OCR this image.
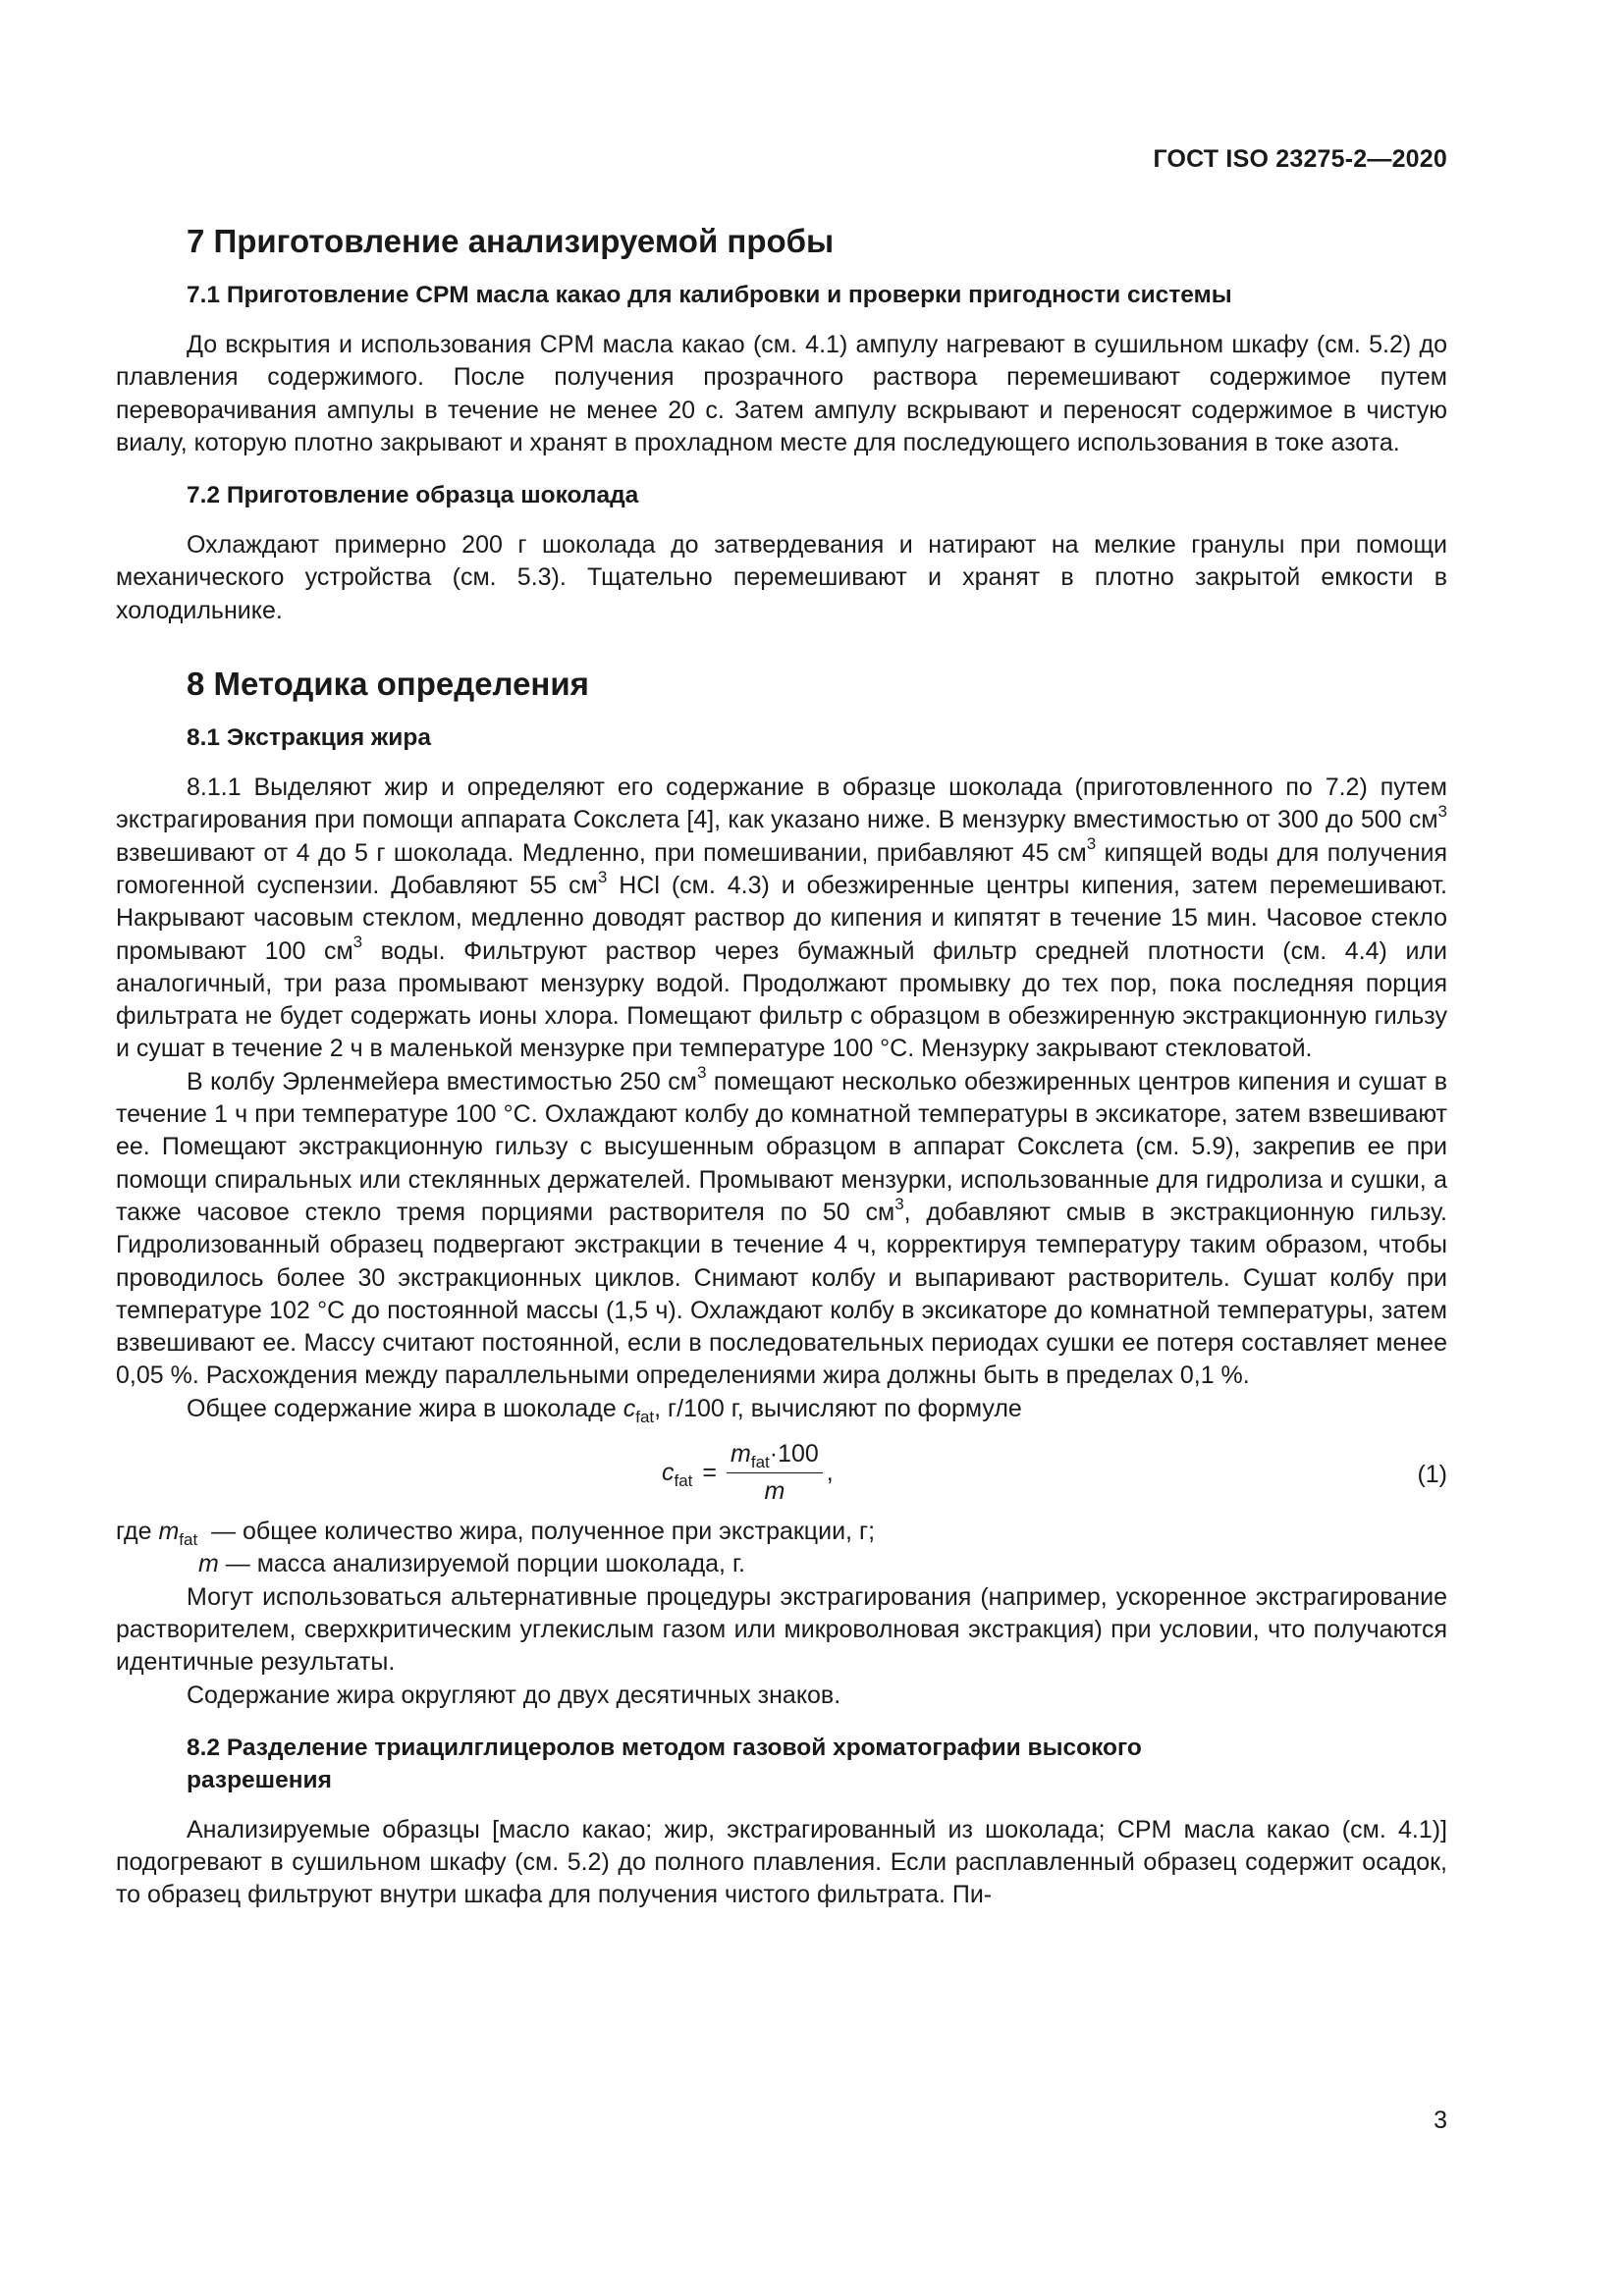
ГОСТ ISO 23275-2—2020
7 Приготовление анализируемой пробы
7.1 Приготовление CPM масла какао для калибровки и проверки пригодности системы

До вскрытия и использования CPM масла какао (см. 4.1) ампулу нагревают в сушильном шкафу (см. 5.2) до плавления содержимого. После получения прозрачного раствора перемешивают содержимое путем переворачивания ампулы в течение не менее 20 с. Затем ампулу вскрывают и переносят содержимое в чистую виалу, которую плотно закрывают и хранят в прохладном месте для последующего использования в токе азота.

7.2 Приготовление образца шоколада

Охлаждают примерно 200 г шоколада до затвердевания и натирают на мелкие гранулы при помощи механического устройства (см. 5.3). Тщательно перемешивают и хранят в плотно закрытой емкости в холодильнике.

8 Методика определения
8.1 Экстракция жира

8.1.1 Выделяют жир и определяют его содержание в образце шоколада (приготовленного по 7.2) путем экстрагирования при помощи аппарата Сокслета [4], как указано ниже. В мензурку вместимостью от 300 до 500 $см^3$ взвешивают от 4 до 5 г шоколада. Медленно, при помешивании, прибавляют 45 $см^3$ кипящей воды для получения гомогенной суспензии. Добавляют 55 $см^3$ HCl (см. 4.3) и обезжиренные центры кипения, затем перемешивают. Накрывают часовым стеклом, медленно доводят раствор до кипения и кипятят в течение 15 мин. Часовое стекло промывают 100 $см^3$ воды. Фильтруют раствор через бумажный фильтр средней плотности (см. 4.4) или аналогичный, три раза промывают мензурку водой. Продолжают промывку до тех пор, пока последняя порция фильтрата не будет содержать ионы хлора. Помещают фильтр с образцом в обезжиренную экстракционную гильзу и сушат в течение 2 ч в маленькой мензурке при температуре 100 °С. Мензурку закрывают стекловатой.

В колбу Эрленмейера вместимостью 250 $см^3$ помещают несколько обезжиренных центров кипения и сушат в течение 1 ч при температуре 100 °С. Охлаждают колбу до комнатной температуры в эксикаторе, затем взвешивают ее. Помещают экстракционную гильзу с высушенным образцом в аппарат Сокслета (см. 5.9), закрепив ее при помощи спиральных или стеклянных держателей. Промывают мензурки, использованные для гидролиза и сушки, а также часовое стекло тремя порциями растворителя по 50 $см^3$, добавляют смыв в экстракционную гильзу. Гидролизованный образец подвергают экстракции в течение 4 ч, корректируя температуру таким образом, чтобы проводилось более 30 экстракционных циклов. Снимают колбу и выпаривают растворитель. Сушат колбу при температуре 102 °С до постоянной массы (1,5 ч). Охлаждают колбу в эксикаторе до комнатной температуры, затем взвешивают ее. Массу считают постоянной, если в последовательных периодах сушки ее потеря составляет менее 0,05 %. Расхождения между параллельными определениями жира должны быть в пределах 0,1 %.

Общее содержание жира в шоколаде $c_{fat}$, г/100 г, вычисляют по формуле

$c_{fat} = \frac{m_{fat}\cdot 100}{m}$ ,	(1)
где $m_{fat}$  — общее количество жира, полученное при экстракции, г;
m — масса анализируемой порции шоколада, г.

Могут использоваться альтернативные процедуры экстрагирования (например, ускоренное экстрагирование растворителем, сверхкритическим углекислым газом или микроволновая экстракция) при условии, что получаются идентичные результаты.

Содержание жира округляют до двух десятичных знаков.

8.2 Разделение триацилглицеролов методом газовой хроматографии высокого
разрешения

Анализируемые образцы [масло какао; жир, экстрагированный из шоколада; CPM масла какао (см. 4.1)] подогревают в сушильном шкафу (см. 5.2) до полного плавления. Если расплавленный образец содержит осадок, то образец фильтруют внутри шкафа для получения чистого фильтрата. Пи-

3
